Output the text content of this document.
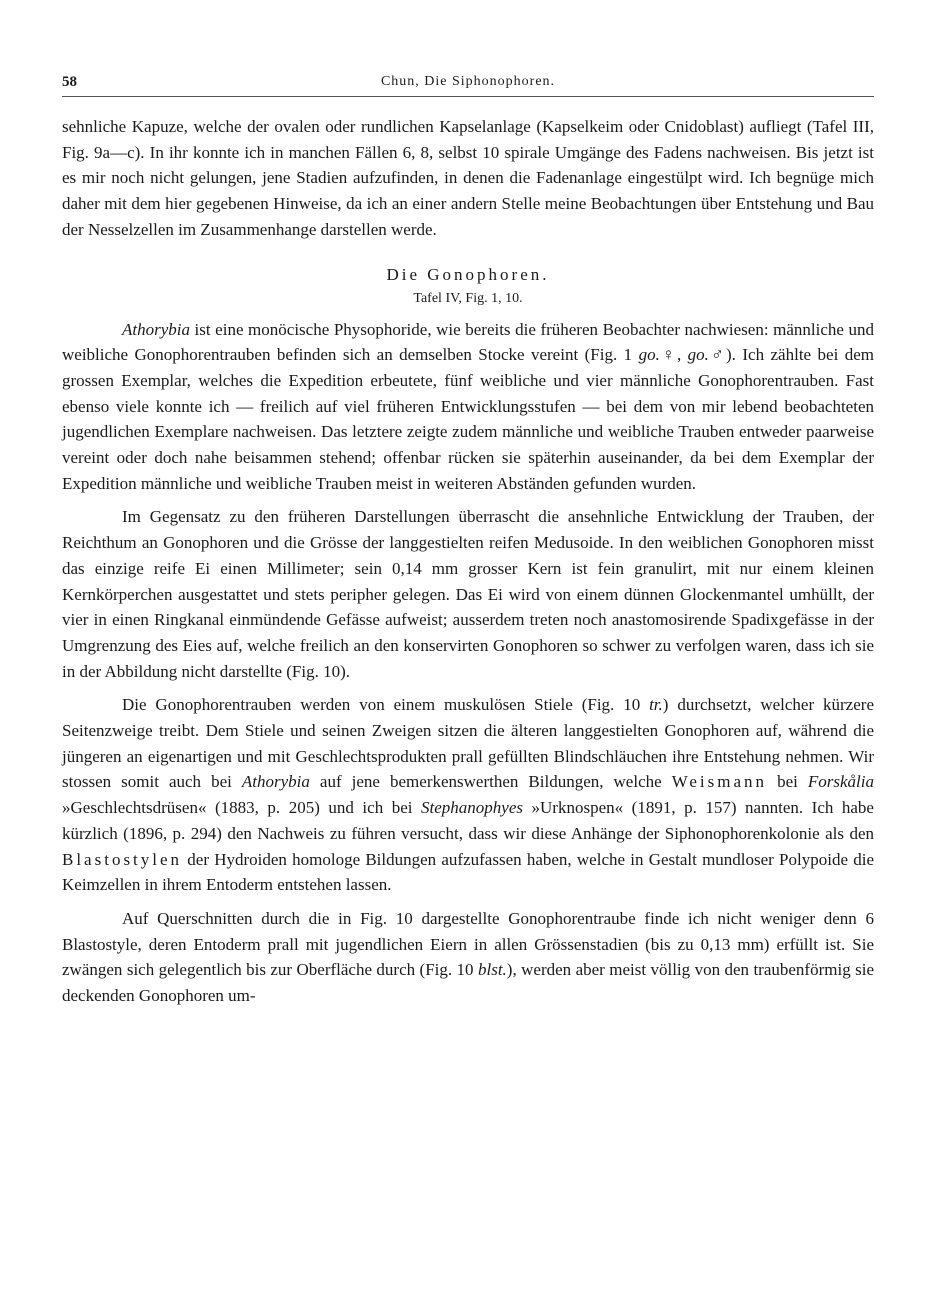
58	Chun, Die Siphonophoren.

sehnliche Kapuze, welche der ovalen oder rundlichen Kapselanlage (Kapselkeim oder Cnidoblast) aufliegt (Tafel III, Fig. 9a—c). In ihr konnte ich in manchen Fällen 6, 8, selbst 10 spirale Umgänge des Fadens nachweisen. Bis jetzt ist es mir noch nicht gelungen, jene Stadien aufzufinden, in denen die Fadenanlage eingestülpt wird. Ich begnüge mich daher mit dem hier gegebenen Hinweise, da ich an einer andern Stelle meine Beobachtungen über Entstehung und Bau der Nesselzellen im Zusammenhange darstellen werde.

Die Gonophoren.
Tafel IV, Fig. 1, 10.

Athorybia ist eine monöcische Physophoride, wie bereits die früheren Beobachter nachwiesen: männliche und weibliche Gonophorentrauben befinden sich an demselben Stocke vereint (Fig. 1 go.♀, go.♂). Ich zählte bei dem grossen Exemplar, welches die Expedition erbeutete, fünf weibliche und vier männliche Gonophorentrauben. Fast ebenso viele konnte ich — freilich auf viel früheren Entwicklungsstufen — bei dem von mir lebend beobachteten jugendlichen Exemplare nachweisen. Das letztere zeigte zudem männliche und weibliche Trauben entweder paarweise vereint oder doch nahe beisammen stehend; offenbar rücken sie späterhin auseinander, da bei dem Exemplar der Expedition männliche und weibliche Trauben meist in weiteren Abständen gefunden wurden.

Im Gegensatz zu den früheren Darstellungen überrascht die ansehnliche Entwicklung der Trauben, der Reichthum an Gonophoren und die Grösse der langgestielten reifen Medusoide. In den weiblichen Gonophoren misst das einzige reife Ei einen Millimeter; sein 0,14 mm grosser Kern ist fein granulirt, mit nur einem kleinen Kernkörperchen ausgestattet und stets peripher gelegen. Das Ei wird von einem dünnen Glockenmantel umhüllt, der vier in einen Ringkanal einmündende Gefässe aufweist; ausserdem treten noch anastomosirende Spadixgefässe in der Umgrenzung des Eies auf, welche freilich an den konservirten Gonophoren so schwer zu verfolgen waren, dass ich sie in der Abbildung nicht darstellte (Fig. 10).

Die Gonophorentrauben werden von einem muskulösen Stiele (Fig. 10 tr.) durchsetzt, welcher kürzere Seitenzweige treibt. Dem Stiele und seinen Zweigen sitzen die älteren langgestielten Gonophoren auf, während die jüngeren an eigenartigen und mit Geschlechtsprodukten prall gefüllten Blindschläuchen ihre Entstehung nehmen. Wir stossen somit auch bei Athorybia auf jene bemerkenswerthen Bildungen, welche Weismann bei Forskålia »Geschlechtsdrüsen« (1883, p. 205) und ich bei Stephanophyes »Urknospen« (1891, p. 157) nannten. Ich habe kürzlich (1896, p. 294) den Nachweis zu führen versucht, dass wir diese Anhänge der Siphonophorenkolonie als den Blastostylen der Hydroiden homologe Bildungen aufzufassen haben, welche in Gestalt mundloser Polypoide die Keimzellen in ihrem Entoderm entstehen lassen.

Auf Querschnitten durch die in Fig. 10 dargestellte Gonophorentraube finde ich nicht weniger denn 6 Blastostyle, deren Entoderm prall mit jugendlichen Eiern in allen Grössenstadien (bis zu 0,13 mm) erfüllt ist. Sie zwängen sich gelegentlich bis zur Oberfläche durch (Fig. 10 blst.), werden aber meist völlig von den traubenförmig sie deckenden Gonophoren um-
